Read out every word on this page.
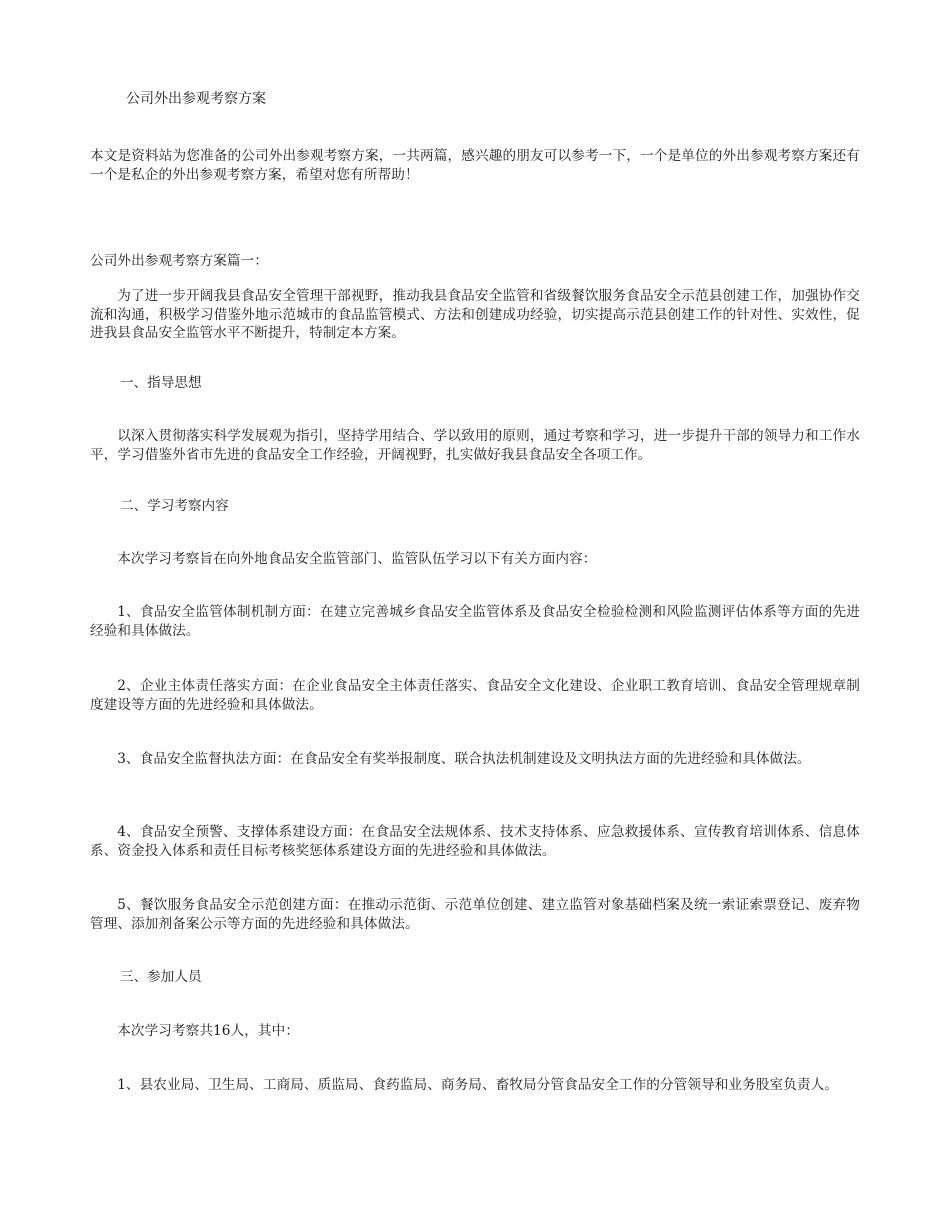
公司外出参观考察方案

本文是资料站为您准备的公司外出参观考察方案，一共两篇，感兴趣的朋友可以参考一下，一个是单位的外出参观考察方案还有一个是私企的外出参观考察方案，希望对您有所帮助！

公司外出参观考察方案篇一：

为了进一步开阔我县食品安全管理干部视野，推动我县食品安全监管和省级餐饮服务食品安全示范县创建工作，加强协作交流和沟通，积极学习借鉴外地示范城市的食品监管模式、方法和创建成功经验，切实提高示范县创建工作的针对性、实效性，促进我县食品安全监管水平不断提升，特制定本方案。

一、指导思想

以深入贯彻落实科学发展观为指引，坚持学用结合、学以致用的原则，通过考察和学习，进一步提升干部的领导力和工作水平，学习借鉴外省市先进的食品安全工作经验，开阔视野，扎实做好我县食品安全各项工作。

二、学习考察内容

本次学习考察旨在向外地食品安全监管部门、监管队伍学习以下有关方面内容：

1、食品安全监管体制机制方面：在建立完善城乡食品安全监管体系及食品安全检验检测和风险监测评估体系等方面的先进经验和具体做法。

2、企业主体责任落实方面：在企业食品安全主体责任落实、食品安全文化建设、企业职工教育培训、食品安全管理规章制度建设等方面的先进经验和具体做法。

3、食品安全监督执法方面：在食品安全有奖举报制度、联合执法机制建设及文明执法方面的先进经验和具体做法。

4、食品安全预警、支撑体系建设方面：在食品安全法规体系、技术支持体系、应急救援体系、宣传教育培训体系、信息体系、资金投入体系和责任目标考核奖惩体系建设方面的先进经验和具体做法。

5、餐饮服务食品安全示范创建方面：在推动示范街、示范单位创建、建立监管对象基础档案及统一索证索票登记、废弃物管理、添加剂备案公示等方面的先进经验和具体做法。

三、参加人员

本次学习考察共16人，其中：

1、县农业局、卫生局、工商局、质监局、食药监局、商务局、畜牧局分管食品安全工作的分管领导和业务股室负责人。
